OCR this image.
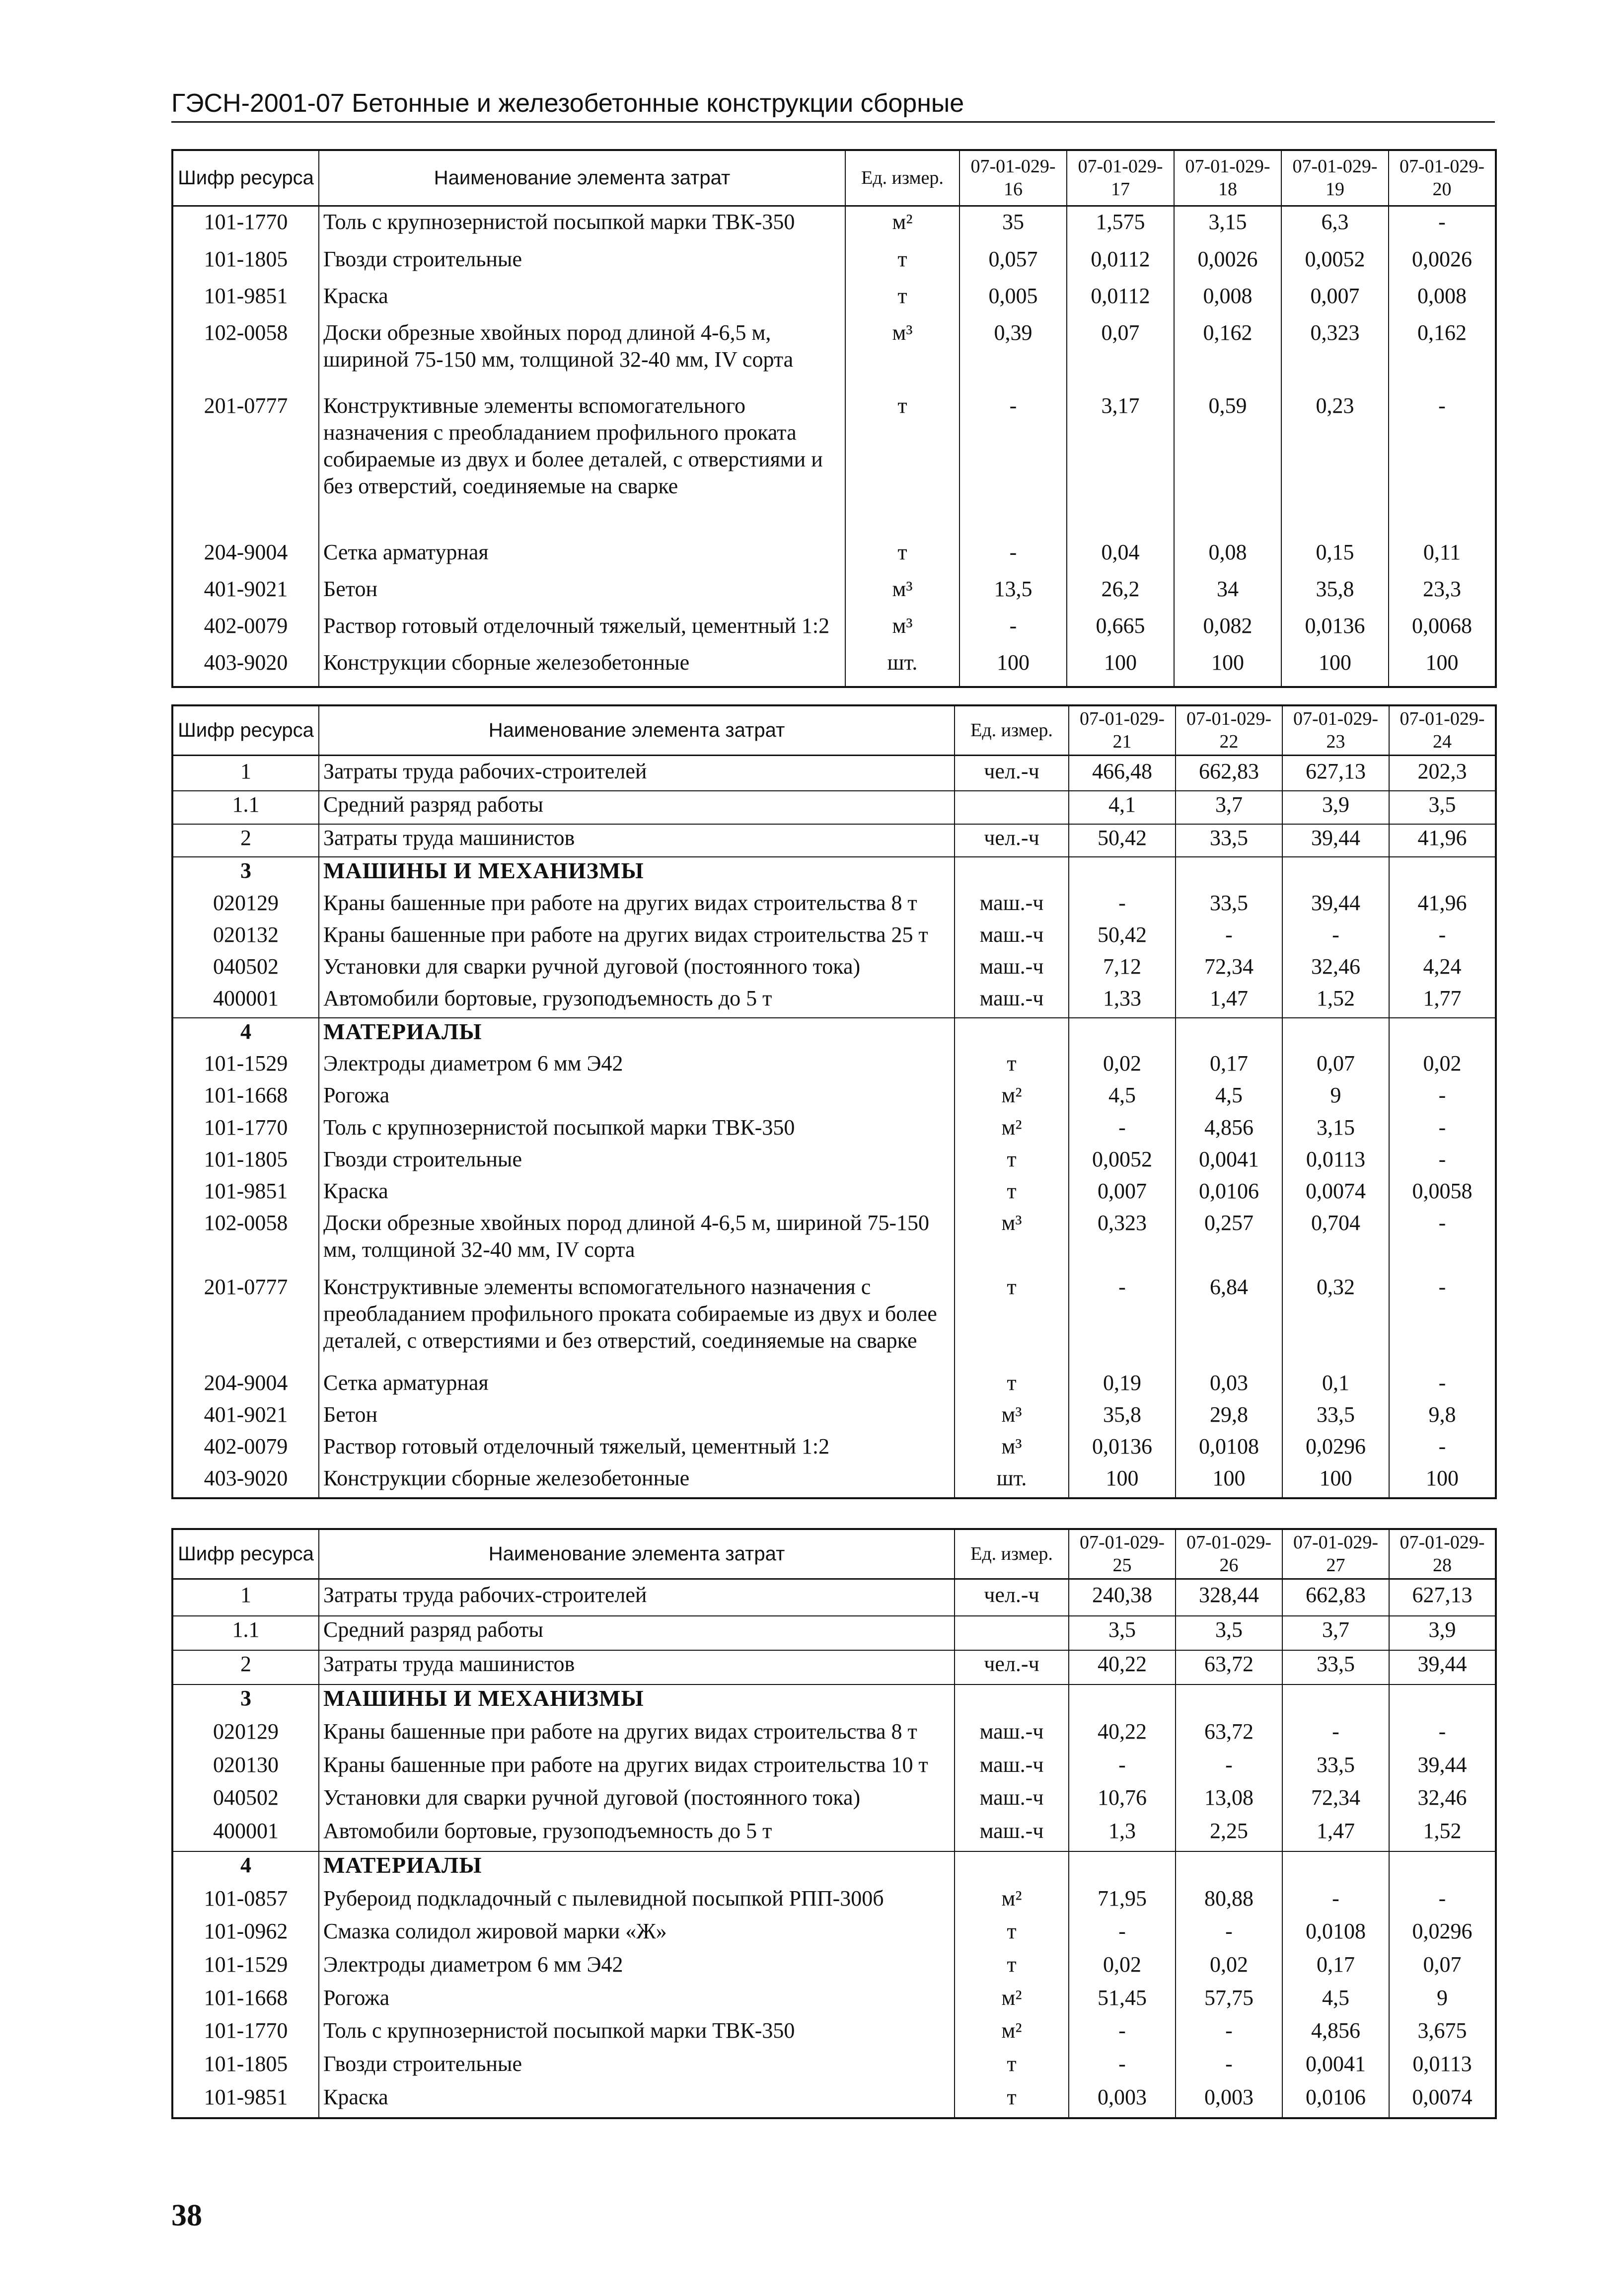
ГЭСН-2001-07 Бетонные и железобетонные конструкции сборные
Шифр ресурса	Наименование элемента затрат	Ед. измер.	07-01-029-16	07-01-029-17	07-01-029-18	07-01-029-19	07-01-029-20
101-1770	Толь с крупнозернистой посыпкой марки ТВК-350	м²	35	1,575	3,15	6,3	-
101-1805	Гвозди строительные	т	0,057	0,0112	0,0026	0,0052	0,0026
101-9851	Краска	т	0,005	0,0112	0,008	0,007	0,008
102-0058	Доски обрезные хвойных пород длиной 4-6,5 м, шириной 75-150 мм, толщиной 32-40 мм, IV сорта	м³	0,39	0,07	0,162	0,323	0,162
201-0777	Конструктивные элементы вспомогательного назначения с преобладанием профильного проката собираемые из двух и более деталей, с отверстиями и без отверстий, соединяемые на сварке	т	-	3,17	0,59	0,23	-
204-9004	Сетка арматурная	т	-	0,04	0,08	0,15	0,11
401-9021	Бетон	м³	13,5	26,2	34	35,8	23,3
402-0079	Раствор готовый отделочный тяжелый, цементный 1:2	м³	-	0,665	0,082	0,0136	0,0068
403-9020	Конструкции сборные железобетонные	шт.	100	100	100	100	100
Шифр ресурса	Наименование элемента затрат	Ед. измер.	07-01-029-21	07-01-029-22	07-01-029-23	07-01-029-24
1	Затраты труда рабочих-строителей	чел.-ч	466,48	662,83	627,13	202,3
1.1	Средний разряд работы		4,1	3,7	3,9	3,5
2	Затраты труда машинистов	чел.-ч	50,42	33,5	39,44	41,96
3	МАШИНЫ И МЕХАНИЗМЫ					
020129	Краны башенные при работе на других видах строительства 8 т	маш.-ч	-	33,5	39,44	41,96
020132	Краны башенные при работе на других видах строительства 25 т	маш.-ч	50,42	-	-	-
040502	Установки для сварки ручной дуговой (постоянного тока)	маш.-ч	7,12	72,34	32,46	4,24
400001	Автомобили бортовые, грузоподъемность до 5 т	маш.-ч	1,33	1,47	1,52	1,77
4	МАТЕРИАЛЫ					
101-1529	Электроды диаметром 6 мм Э42	т	0,02	0,17	0,07	0,02
101-1668	Рогожа	м²	4,5	4,5	9	-
101-1770	Толь с крупнозернистой посыпкой марки ТВК-350	м²	-	4,856	3,15	-
101-1805	Гвозди строительные	т	0,0052	0,0041	0,0113	-
101-9851	Краска	т	0,007	0,0106	0,0074	0,0058
102-0058	Доски обрезные хвойных пород длиной 4-6,5 м, шириной 75-150 мм, толщиной 32-40 мм, IV сорта	м³	0,323	0,257	0,704	-
201-0777	Конструктивные элементы вспомогательного назначения с преобладанием профильного проката собираемые из двух и более деталей, с отверстиями и без отверстий, соединяемые на сварке	т	-	6,84	0,32	-
204-9004	Сетка арматурная	т	0,19	0,03	0,1	-
401-9021	Бетон	м³	35,8	29,8	33,5	9,8
402-0079	Раствор готовый отделочный тяжелый, цементный 1:2	м³	0,0136	0,0108	0,0296	-
403-9020	Конструкции сборные железобетонные	шт.	100	100	100	100
Шифр ресурса	Наименование элемента затрат	Ед. измер.	07-01-029-25	07-01-029-26	07-01-029-27	07-01-029-28
1	Затраты труда рабочих-строителей	чел.-ч	240,38	328,44	662,83	627,13
1.1	Средний разряд работы		3,5	3,5	3,7	3,9
2	Затраты труда машинистов	чел.-ч	40,22	63,72	33,5	39,44
3	МАШИНЫ И МЕХАНИЗМЫ					
020129	Краны башенные при работе на других видах строительства 8 т	маш.-ч	40,22	63,72	-	-
020130	Краны башенные при работе на других видах строительства 10 т	маш.-ч	-	-	33,5	39,44
040502	Установки для сварки ручной дуговой (постоянного тока)	маш.-ч	10,76	13,08	72,34	32,46
400001	Автомобили бортовые, грузоподъемность до 5 т	маш.-ч	1,3	2,25	1,47	1,52
4	МАТЕРИАЛЫ					
101-0857	Рубероид подкладочный с пылевидной посыпкой РПП-300б	м²	71,95	80,88	-	-
101-0962	Смазка солидол жировой марки «Ж»	т	-	-	0,0108	0,0296
101-1529	Электроды диаметром 6 мм Э42	т	0,02	0,02	0,17	0,07
101-1668	Рогожа	м²	51,45	57,75	4,5	9
101-1770	Толь с крупнозернистой посыпкой марки ТВК-350	м²	-	-	4,856	3,675
101-1805	Гвозди строительные	т	-	-	0,0041	0,0113
101-9851	Краска	т	0,003	0,003	0,0106	0,0074
38
